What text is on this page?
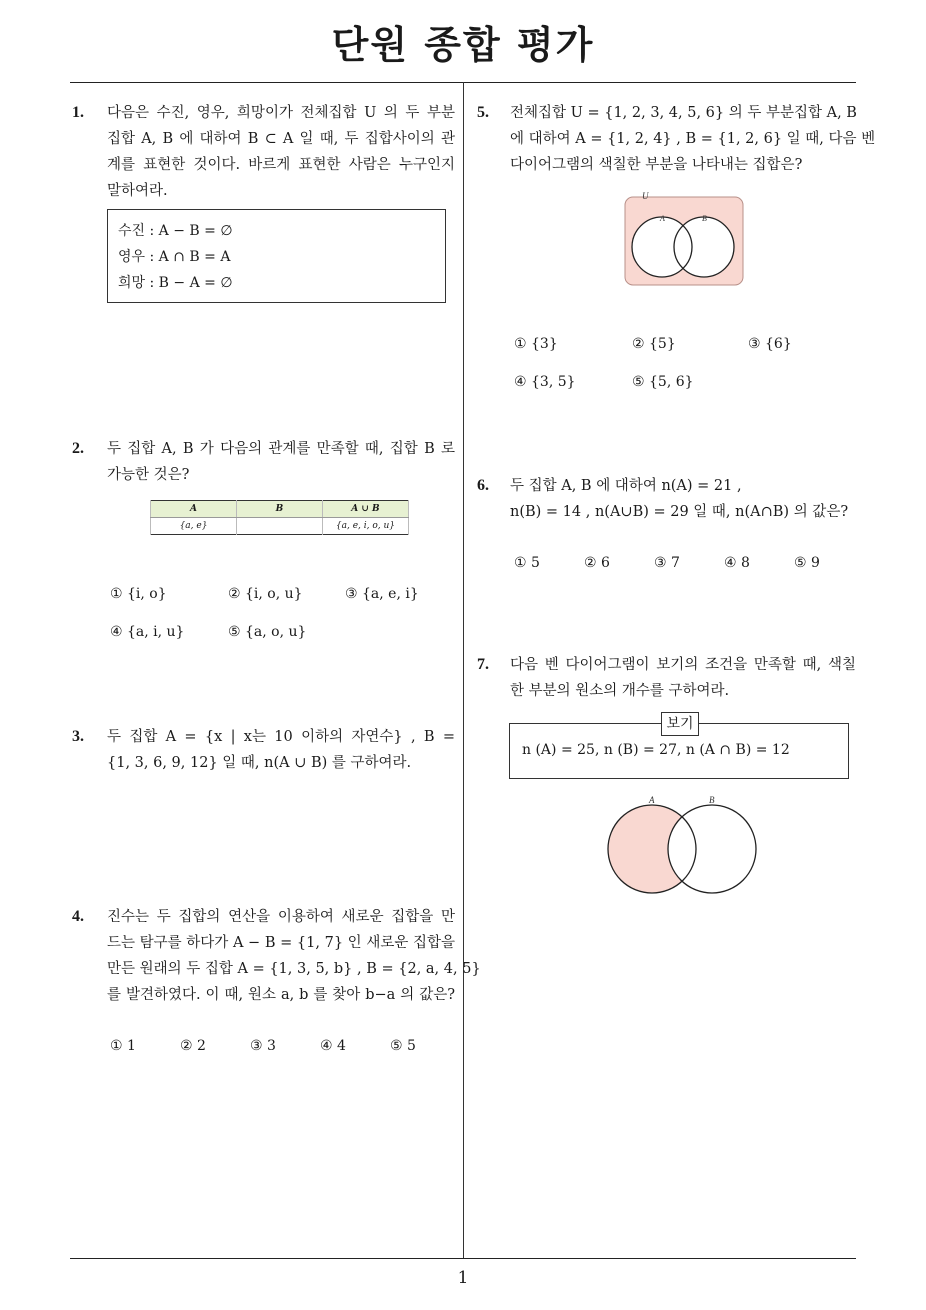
단원 종합 평가
1. 다음은 수진, 영우, 희망이가 전체집합 U 의 두 부분
집합 A, B 에 대하여 B ⊂ A 일 때, 두 집합사이의 관
계를 표현한 것이다. 바르게 표현한 사람은 누구인지
말하여라.
수진 : A − B = ∅
영우 : A ∩ B = A
희망 : B − A = ∅
2. 두 집합 A, B 가 다음의 관계를 만족할 때, 집합 B 로
가능한 것은?
A	B	A ∪ B
{a, e}		{a, e, i, o, u}
① {i, o}	② {i, o, u}	③ {a, e, i}
④ {a, i, u}	⑤ {a, o, u}
3. 두 집합 A = {x | x는 10 이하의 자연수} , B =
{1, 3, 6, 9, 12} 일 때, n(A ∪ B) 를 구하여라.
4. 진수는 두 집합의 연산을 이용하여 새로운 집합을 만
드는 탐구를 하다가 A − B = {1, 7} 인 새로운 집합을
만든 원래의 두 집합 A = {1, 3, 5, b} , B = {2, a, 4, 5}
를 발견하였다. 이 때, 원소 a, b 를 찾아 b−a 의 값은?
① 1	② 2	③ 3	④ 4	⑤ 5
5. 전체집합 U = {1, 2, 3, 4, 5, 6} 의 두 부분집합 A, B
에 대하여 A = {1, 2, 4} , B = {1, 2, 6} 일 때, 다음 벤
다이어그램의 색칠한 부분을 나타내는 집합은?
U
A	B
① {3}	② {5}	③ {6}
④ {3, 5}	⑤ {5, 6}
6. 두 집합 A, B 에 대하여 n(A) = 21 ,
n(B) = 14 , n(A∪B) = 29 일 때, n(A∩B) 의 값은?
① 5	② 6	③ 7	④ 8	⑤ 9
7. 다음 벤 다이어그램이 보기의 조건을 만족할 때, 색칠
한 부분의 원소의 개수를 구하여라.
보기
n (A) = 25, n (B) = 27, n (A ∩ B) = 12
A	B
1
